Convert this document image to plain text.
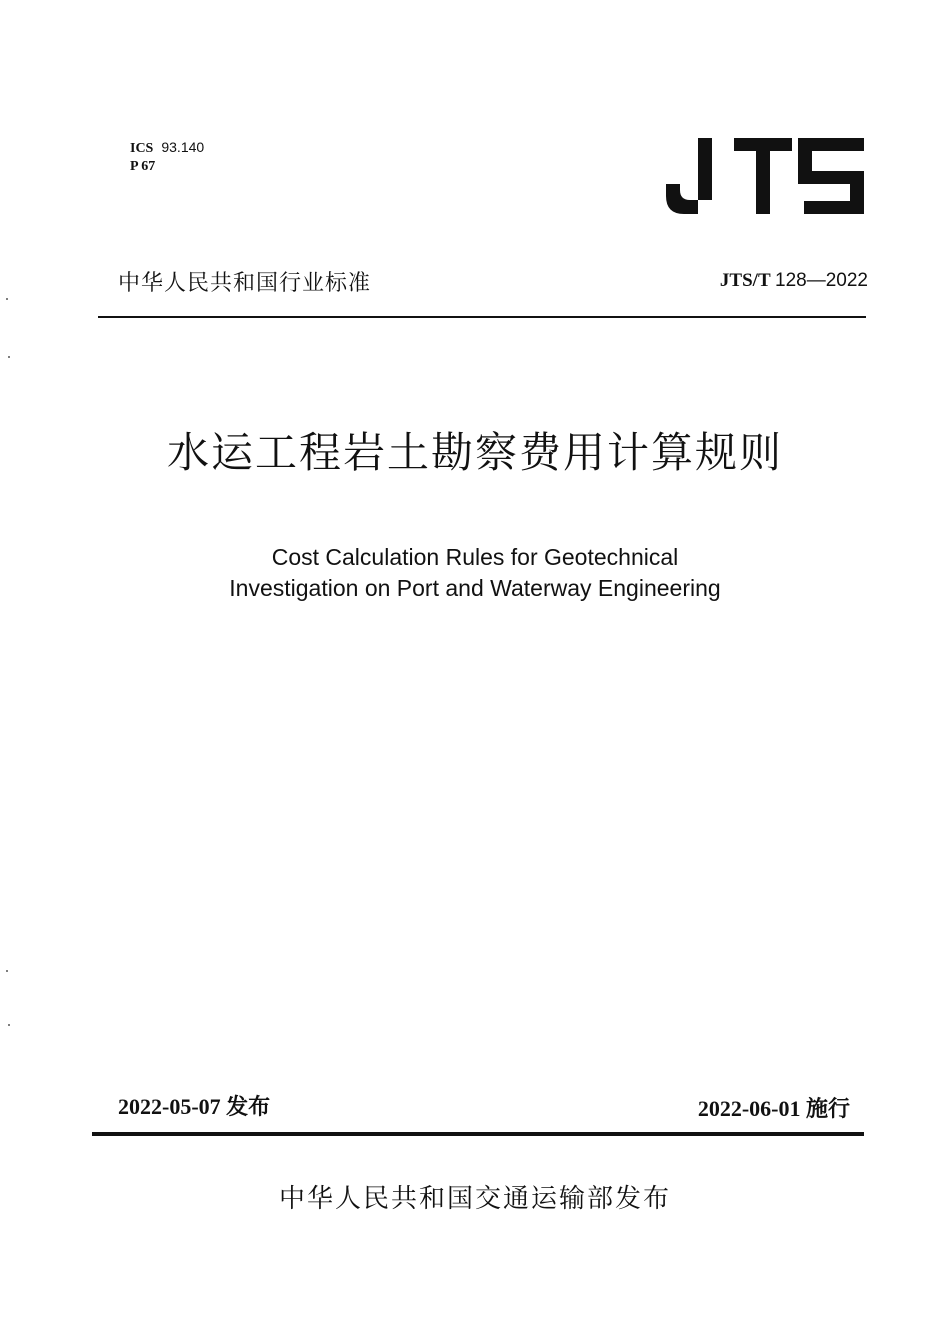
ICS 93.140
P 67
中华人民共和国行业标准	JTS/T 128—2022
水运工程岩土勘察费用计算规则
Cost Calculation Rules for Geotechnical
Investigation on Port and Waterway Engineering
2022-05-07 发布	2022-06-01 施行
中华人民共和国交通运输部发布
